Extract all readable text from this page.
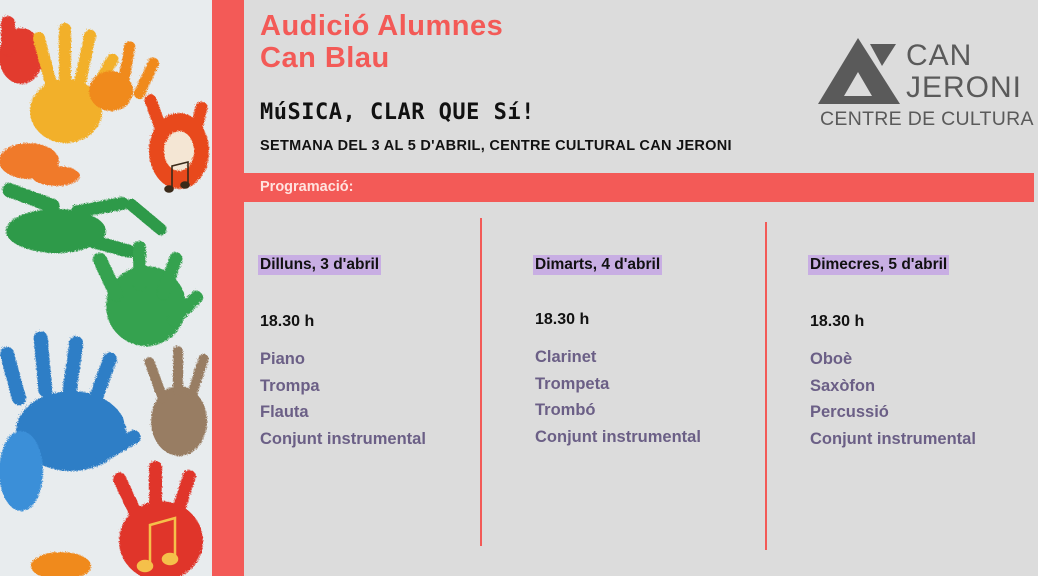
Audició Alumnes
Can Blau
MúSICA, CLAR QUE Sí!
SETMANA DEL 3 AL 5 D'ABRIL, CENTRE CULTURAL CAN JERONI
CAN
JERONI
CENTRE DE CULTURA
Programació:
Dilluns, 3 d'abril
18.30 h
Piano
Trompa
Flauta
Conjunt instrumental
Dimarts, 4 d'abril
18.30 h
Clarinet
Trompeta
Trombó
Conjunt instrumental
Dimecres, 5 d'abril
18.30 h
Oboè
Saxòfon
Percussió
Conjunt instrumental
